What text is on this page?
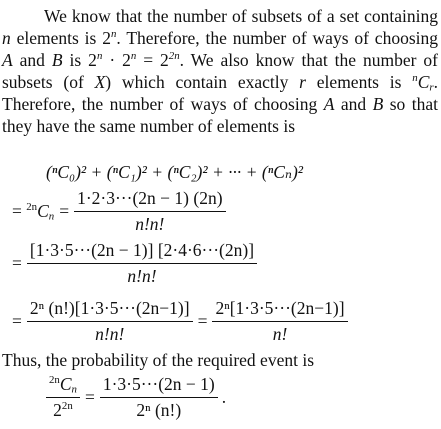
We know that the number of subsets of a set containing n elements is 2$^n$. Therefore, the number of ways of choosing A and B is $2^n \cdot 2^n = 2^{2n}$. We also know that the number of subsets (of X) which contain exactly r elements is $^nC_r$. Therefore, the number of ways of choosing A and B so that they have the same number of elements is

(ⁿC₀)² + (ⁿC₁)² + (ⁿC₂)² + ··· + (ⁿCₙ)²
= $^{2n}C_n = \frac{1\cdot 2\cdot 3\cdot\cdot\cdot(2n - 1) (2n)}{n!n!}$
= $\frac{[1\cdot 3\cdot 5\cdot\cdot\cdot(2n - 1)] [2\cdot 4\cdot 6\cdot\cdot\cdot(2n)]}{n!n!}$
= $\frac{\text{2ⁿ (n!)[1·3·5···(2n−1)]}}{n!n!} = \frac{\text{2ⁿ[1·3·5···(2n−1)]}}{n!}$
Thus, the probability of the required event is
$\frac{^{2n}C_n}{2^{2n}} = \frac{1\cdot 3\cdot 5\cdot\cdot\cdot(2n - 1)}{\text{2ⁿ (n!)}}$ .
